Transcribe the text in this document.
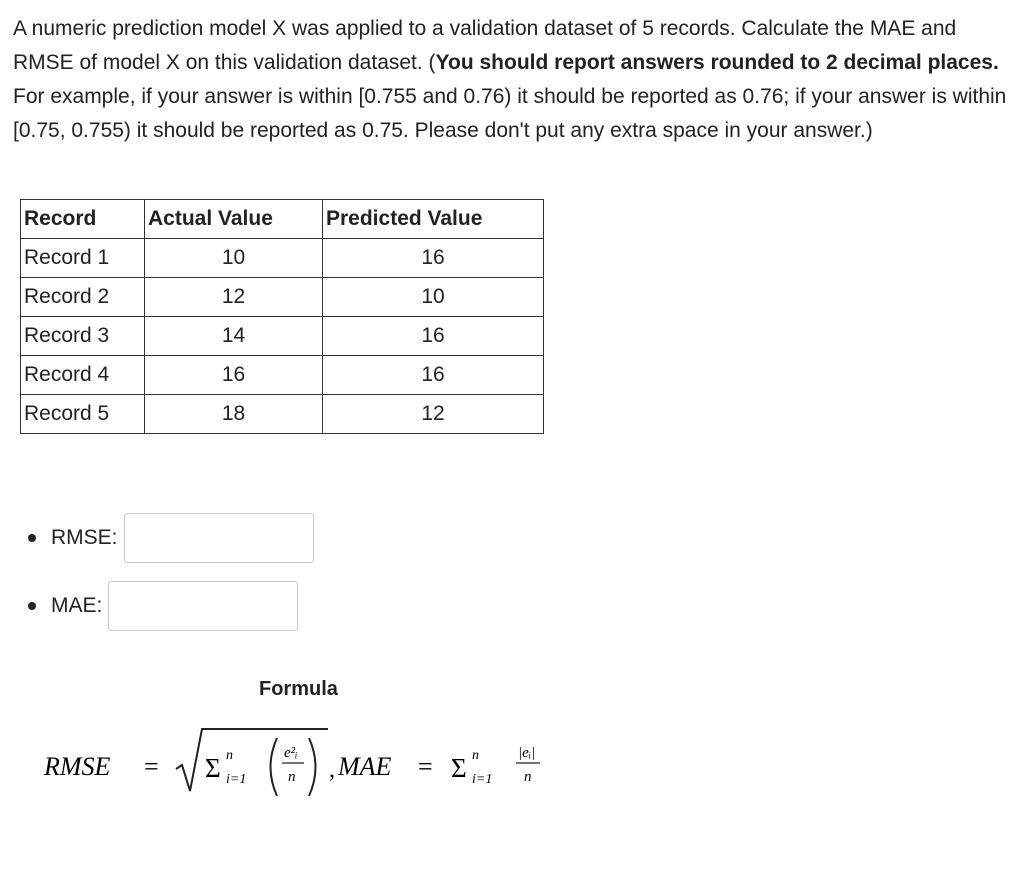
A numeric prediction model X was applied to a validation dataset of 5 records. Calculate the MAE and RMSE of model X on this validation dataset. (You should report answers rounded to 2 decimal places. For example, if your answer is within [0.755 and 0.76) it should be reported as 0.76; if your answer is within [0.75, 0.755) it should be reported as 0.75. Please don't put any extra space in your answer.)

Record	Actual Value	Predicted Value
Record 1	10	16
Record 2	12	10
Record 3	14	16
Record 4	16	16
Record 5	18	12
RMSE:
MAE:

Formula

RMSE = Σ n
i=1
e²ᵢ
n , MAE = Σ n
i=1
|eᵢ|
n
